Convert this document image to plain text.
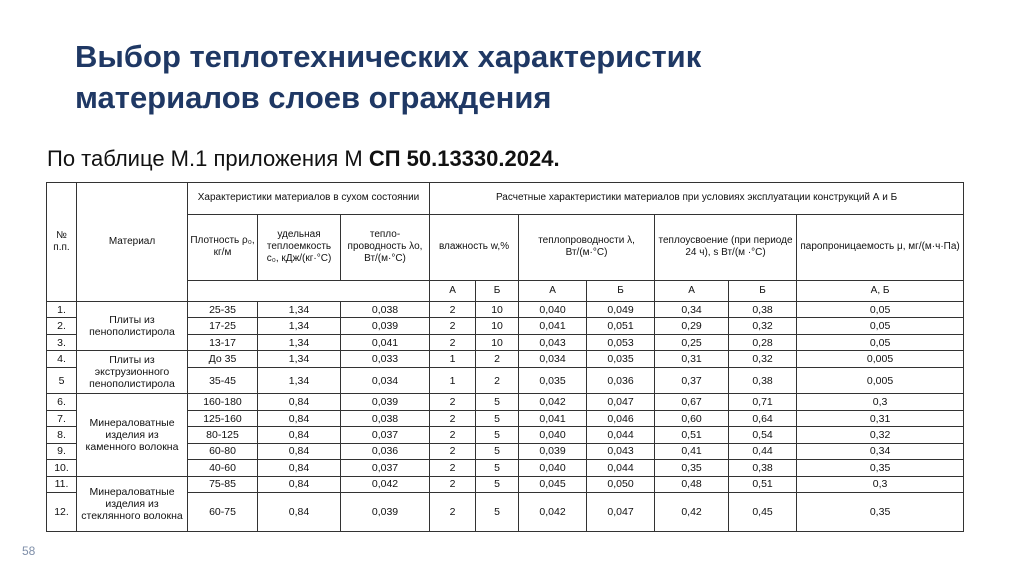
Выбор теплотехнических характеристик
материалов слоев ограждения
По таблице М.1 приложения М СП 50.13330.2024.
№ п.п.	Материал	Характеристики материалов в сухом состоянии			Расчетные характеристики материалов при условиях эксплуатации конструкций А и Б						
		Плотность ρ₀, кг/м	удельная теплоемкость c₀, кДж/(кг·°C)	тепло-проводность λо, Вт/(м·°С)	влажность w,%		теплопроводности λ, Вт/(м·°С)		теплоусвоение (при периоде 24 ч), s Вт/(м ·°С)		паропроницаемость μ, мг/(м·ч·Па)
					А	Б	А	Б	А	Б	А, Б
1.	Плиты из пенополистирола	25-35	1,34	0,038	2	10	0,040	0,049	0,34	0,38	0,05
2.		17-25	1,34	0,039	2	10	0,041	0,051	0,29	0,32	0,05
3.		13-17	1,34	0,041	2	10	0,043	0,053	0,25	0,28	0,05
4.	Плиты из экструзионного пенополистирола	До 35	1,34	0,033	1	2	0,034	0,035	0,31	0,32	0,005
5		35-45	1,34	0,034	1	2	0,035	0,036	0,37	0,38	0,005
6.	Минераловатные изделия из каменного волокна	160-180	0,84	0,039	2	5	0,042	0,047	0,67	0,71	0,3
7.		125-160	0,84	0,038	2	5	0,041	0,046	0,60	0,64	0,31
8.		80-125	0,84	0,037	2	5	0,040	0,044	0,51	0,54	0,32
9.		60-80	0,84	0,036	2	5	0,039	0,043	0,41	0,44	0,34
10.		40-60	0,84	0,037	2	5	0,040	0,044	0,35	0,38	0,35
11.	Минераловатные изделия из стеклянного волокна	75-85	0,84	0,042	2	5	0,045	0,050	0,48	0,51	0,3
12.		60-75	0,84	0,039	2	5	0,042	0,047	0,42	0,45	0,35
58
